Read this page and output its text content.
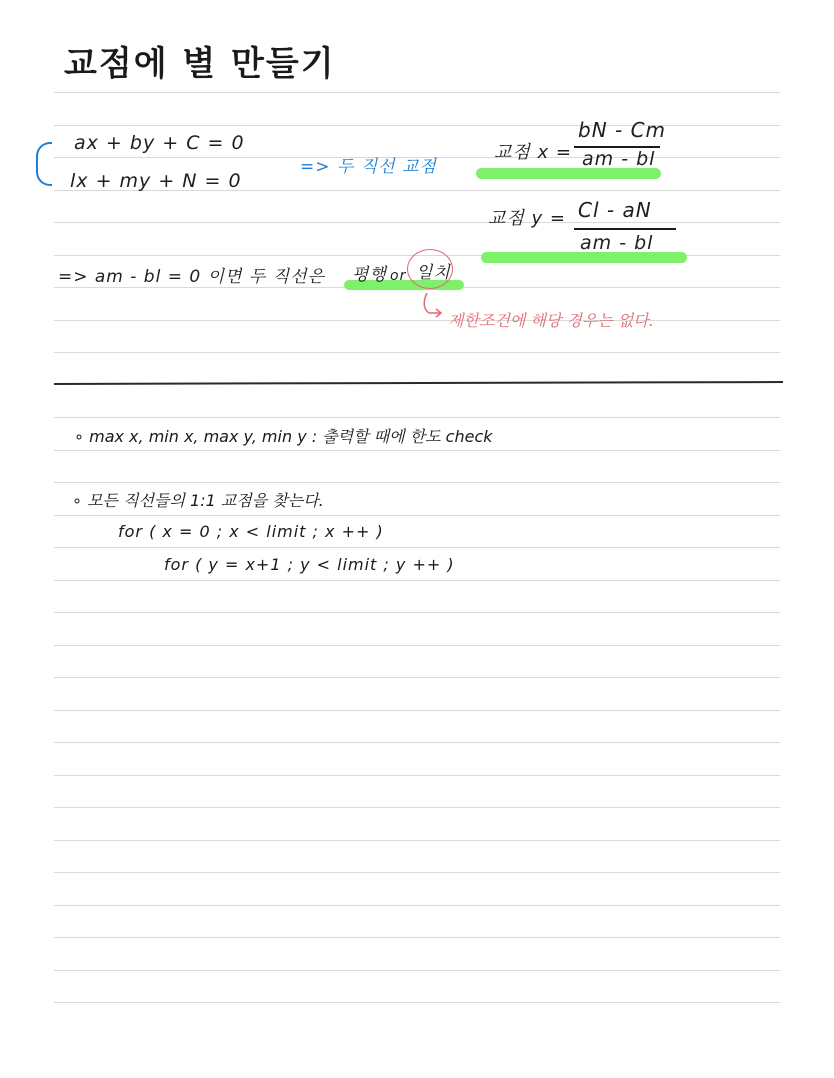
교점에 별 만들기
ax + by + C = 0
lx + my + N = 0
=> 두 직선 교점
교점 x =
bN - Cm
am - bl
교점 y = Cl - aN
am - bl
=> am - bl = 0 이면 두 직선은 평행 or 일치
제한조건에 해당 경우는 없다.
∘ max x, min x, max y, min y : 출력할 때에 한도 check
∘ 모든 직선들의 1:1 교점을 찾는다.
for ( x = 0 ; x < limit ; x ++ )
for ( y = x+1 ; y < limit ; y ++ )
